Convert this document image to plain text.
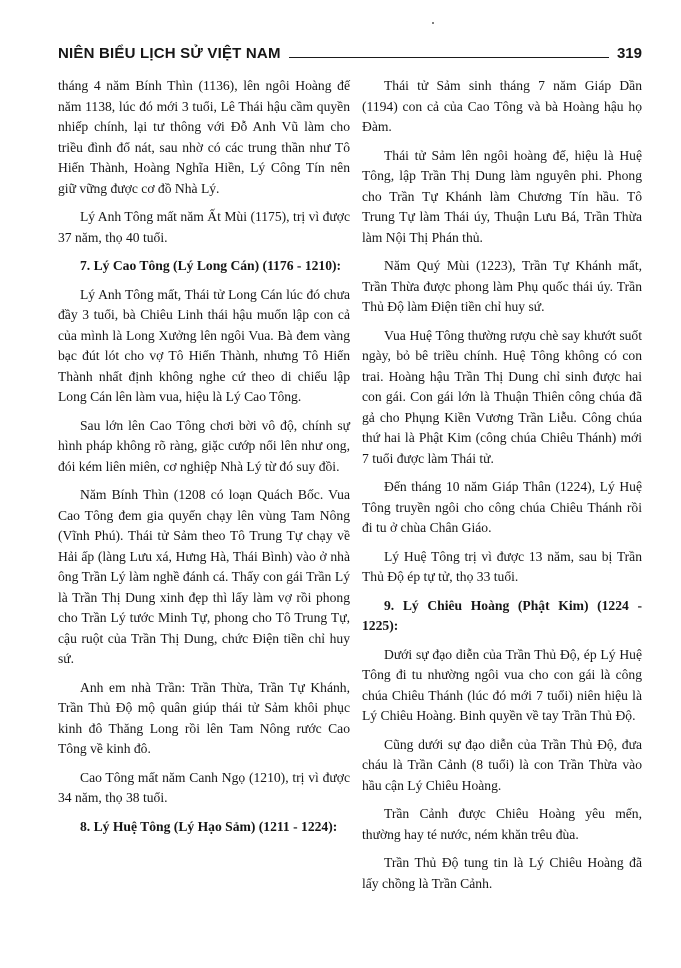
NIÊN BIỂU LỊCH SỬ VIỆT NAM	319

tháng 4 năm Bính Thìn (1136), lên ngôi Hoàng đế năm 1138, lúc đó mới 3 tuổi, Lê Thái hậu cầm quyền nhiếp chính, lại tư thông với Đỗ Anh Vũ làm cho triều đình đổ nát, sau nhờ có các trung thần như Tô Hiến Thành, Hoàng Nghĩa Hiền, Lý Công Tín nên giữ vững được cơ đồ Nhà Lý.

Lý Anh Tông mất năm Ất Mùi (1175), trị vì được 37 năm, thọ 40 tuổi.

7. Lý Cao Tông (Lý Long Cán) (1176 - 1210):

Lý Anh Tông mất, Thái tử Long Cán lúc đó chưa đầy 3 tuổi, bà Chiêu Linh thái hậu muốn lập con cả của mình là Long Xưởng lên ngôi Vua. Bà đem vàng bạc đút lót cho vợ Tô Hiến Thành, nhưng Tô Hiến Thành nhất định không nghe cứ theo di chiếu lập Long Cán lên làm vua, hiệu là Lý Cao Tông.

Sau lớn lên Cao Tông chơi bời vô độ, chính sự hình pháp không rõ ràng, giặc cướp nổi lên như ong, đói kém liên miên, cơ nghiệp Nhà Lý từ đó suy đồi.

Năm Bính Thìn (1208 có loạn Quách Bốc. Vua Cao Tông đem gia quyến chạy lên vùng Tam Nông (Vĩnh Phú). Thái tử Sảm theo Tô Trung Tự chạy về Hải ấp (làng Lưu xá, Hưng Hà, Thái Bình) vào ở nhà ông Trần Lý làm nghề đánh cá. Thấy con gái Trần Lý là Trần Thị Dung xinh đẹp thì lấy làm vợ rồi phong cho Trần Lý tước Minh Tự, phong cho Tô Trung Tự, cậu ruột của Trần Thị Dung, chức Điện tiền chỉ huy sứ.

Anh em nhà Trần: Trần Thừa, Trần Tự Khánh, Trần Thủ Độ mộ quân giúp thái tử Sảm khôi phục kinh đô Thăng Long rồi lên Tam Nông rước Cao Tông về kinh đô.

Cao Tông mất năm Canh Ngọ (1210), trị vì được 34 năm, thọ 38 tuổi.

8. Lý Huệ Tông (Lý Hạo Sảm) (1211 - 1224):

Thái tử Sảm sinh tháng 7 năm Giáp Dần (1194) con cả của Cao Tông và bà Hoàng hậu họ Đàm.

Thái tử Sảm lên ngôi hoàng đế, hiệu là Huệ Tông, lập Trần Thị Dung làm nguyên phi. Phong cho Trần Tự Khánh làm Chương Tín hầu. Tô Trung Tự làm Thái úy, Thuận Lưu Bá, Trần Thừa làm Nội Thị Phán thủ.

Năm Quý Mùi (1223), Trần Tự Khánh mất, Trần Thừa được phong làm Phụ quốc thái úy. Trần Thủ Độ làm Điện tiền chỉ huy sứ.

Vua Huệ Tông thường rượu chè say khướt suốt ngày, bỏ bê triều chính. Huệ Tông không có con trai. Hoàng hậu Trần Thị Dung chỉ sinh được hai con gái. Con gái lớn là Thuận Thiên công chúa đã gả cho Phụng Kiền Vương Trần Liễu. Công chúa thứ hai là Phật Kim (công chúa Chiêu Thánh) mới 7 tuổi được làm Thái tử.

Đến tháng 10 năm Giáp Thân (1224), Lý Huệ Tông truyền ngôi cho công chúa Chiêu Thánh rồi đi tu ở chùa Chân Giáo.

Lý Huệ Tông trị vì được 13 năm, sau bị Trần Thủ Độ ép tự tử, thọ 33 tuổi.

9. Lý Chiêu Hoàng (Phật Kim) (1224 - 1225):

Dưới sự đạo diễn của Trần Thủ Độ, ép Lý Huệ Tông đi tu nhường ngôi vua cho con gái là công chúa Chiêu Thánh (lúc đó mới 7 tuổi) niên hiệu là Lý Chiêu Hoàng. Binh quyền về tay Trần Thủ Độ.

Cũng dưới sự đạo diễn của Trần Thủ Độ, đưa cháu là Trần Cảnh (8 tuổi) là con Trần Thừa vào hầu cận Lý Chiêu Hoàng.

Trần Cảnh được Chiêu Hoàng yêu mến, thường hay té nước, ném khăn trêu đùa.

Trần Thủ Độ tung tin là Lý Chiêu Hoàng đã lấy chồng là Trần Cảnh.
